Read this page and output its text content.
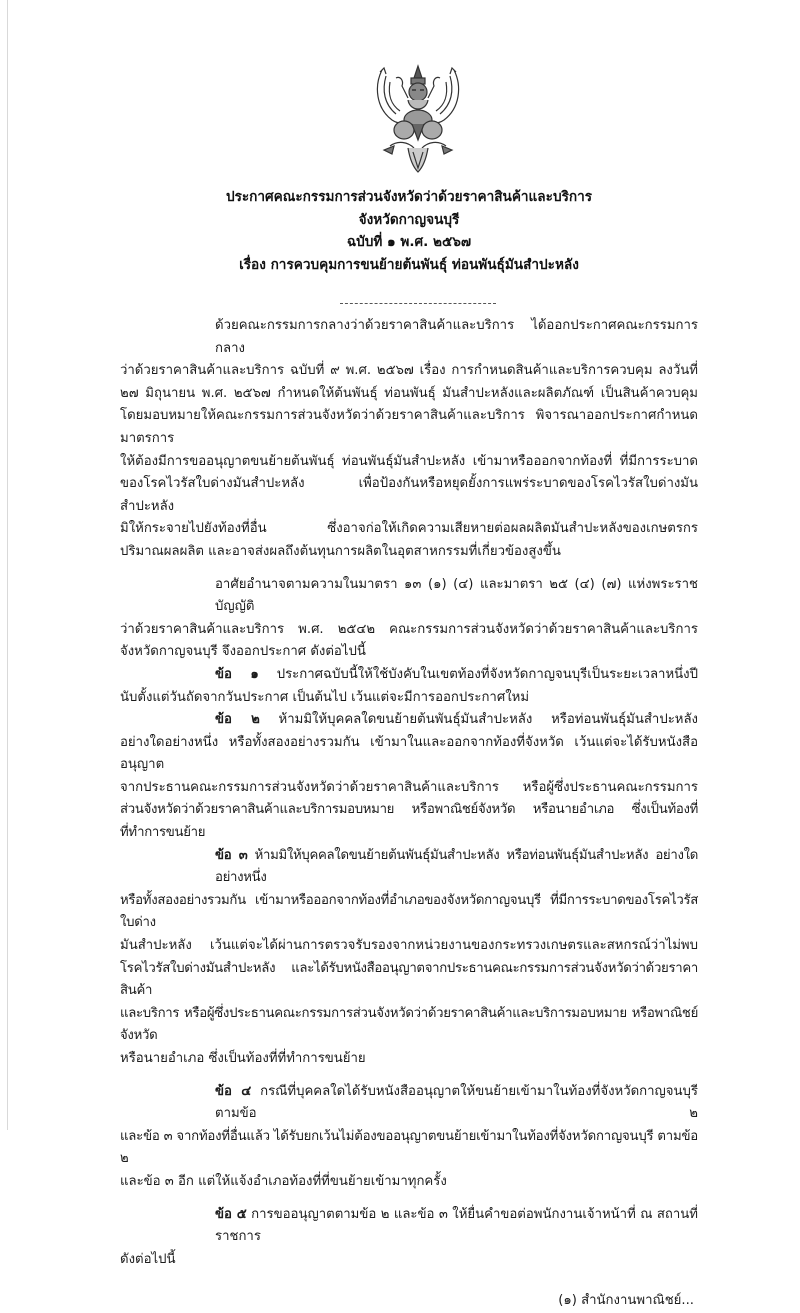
ประกาศคณะกรรมการส่วนจังหวัดว่าด้วยราคาสินค้าและบริการ
จังหวัดกาญจนบุรี
ฉบับที่ ๑ พ.ศ. ๒๕๖๗
เรื่อง การควบคุมการขนย้ายต้นพันธุ์ ท่อนพันธุ์มันสำปะหลัง
ด้วยคณะกรรมการกลางว่าด้วยราคาสินค้าและบริการ ได้ออกประกาศคณะกรรมการกลาง
ว่าด้วยราคาสินค้าและบริการ ฉบับที่ ๙ พ.ศ. ๒๕๖๗ เรื่อง การกำหนดสินค้าและบริการควบคุม ลงวันที่
๒๗ มิถุนายน พ.ศ. ๒๕๖๗ กำหนดให้ต้นพันธุ์ ท่อนพันธุ์ มันสำปะหลังและผลิตภัณฑ์ เป็นสินค้าควบคุม
โดยมอบหมายให้คณะกรรมการส่วนจังหวัดว่าด้วยราคาสินค้าและบริการ พิจารณาออกประกาศกำหนดมาตรการ
ให้ต้องมีการขออนุญาตขนย้ายต้นพันธุ์ ท่อนพันธุ์มันสำปะหลัง เข้ามาหรือออกจากท้องที่ ที่มีการระบาด
ของโรคไวรัสใบด่างมันสำปะหลัง เพื่อป้องกันหรือหยุดยั้งการแพร่ระบาดของโรคไวรัสใบด่างมันสำปะหลัง
มิให้กระจายไปยังท้องที่อื่น ซึ่งอาจก่อให้เกิดความเสียหายต่อผลผลิตมันสำปะหลังของเกษตรกร
ปริมาณผลผลิต และอาจส่งผลถึงต้นทุนการผลิตในอุตสาหกรรมที่เกี่ยวข้องสูงขึ้น
อาศัยอำนาจตามความในมาตรา ๑๓ (๑) (๔) และมาตรา ๒๕ (๔) (๗) แห่งพระราชบัญญัติ
ว่าด้วยราคาสินค้าและบริการ พ.ศ. ๒๕๔๒ คณะกรรมการส่วนจังหวัดว่าด้วยราคาสินค้าและบริการ
จังหวัดกาญจนบุรี จึงออกประกาศ ดังต่อไปนี้
ข้อ ๑ ประกาศฉบับนี้ให้ใช้บังคับในเขตท้องที่จังหวัดกาญจนบุรีเป็นระยะเวลาหนึ่งปี
นับตั้งแต่วันถัดจากวันประกาศ เป็นต้นไป เว้นแต่จะมีการออกประกาศใหม่
ข้อ ๒ ห้ามมิให้บุคคลใดขนย้ายต้นพันธุ์มันสำปะหลัง หรือท่อนพันธุ์มันสำปะหลัง
อย่างใดอย่างหนึ่ง หรือทั้งสองอย่างรวมกัน เข้ามาในและออกจากท้องที่จังหวัด เว้นแต่จะได้รับหนังสืออนุญาต
จากประธานคณะกรรมการส่วนจังหวัดว่าด้วยราคาสินค้าและบริการ หรือผู้ซึ่งประธานคณะกรรมการ
ส่วนจังหวัดว่าด้วยราคาสินค้าและบริการมอบหมาย หรือพาณิชย์จังหวัด หรือนายอำเภอ ซึ่งเป็นท้องที่ที่ทำการขนย้าย
ข้อ ๓ ห้ามมิให้บุคคลใดขนย้ายต้นพันธุ์มันสำปะหลัง หรือท่อนพันธุ์มันสำปะหลัง อย่างใดอย่างหนึ่ง
หรือทั้งสองอย่างรวมกัน เข้ามาหรือออกจากท้องที่อำเภอของจังหวัดกาญจนบุรี ที่มีการระบาดของโรคไวรัสใบด่าง
มันสำปะหลัง เว้นแต่จะได้ผ่านการตรวจรับรองจากหน่วยงานของกระทรวงเกษตรและสหกรณ์ว่าไม่พบ
โรคไวรัสใบด่างมันสำปะหลัง และได้รับหนังสืออนุญาตจากประธานคณะกรรมการส่วนจังหวัดว่าด้วยราคาสินค้า
และบริการ หรือผู้ซึ่งประธานคณะกรรมการส่วนจังหวัดว่าด้วยราคาสินค้าและบริการมอบหมาย หรือพาณิชย์จังหวัด
หรือนายอำเภอ ซึ่งเป็นท้องที่ที่ทำการขนย้าย
ข้อ ๔ กรณีที่บุคคลใดได้รับหนังสืออนุญาตให้ขนย้ายเข้ามาในท้องที่จังหวัดกาญจนบุรีตามข้อ ๒
และข้อ ๓ จากท้องที่อื่นแล้ว ได้รับยกเว้นไม่ต้องขออนุญาตขนย้ายเข้ามาในท้องที่จังหวัดกาญจนบุรี ตามข้อ ๒
และข้อ ๓ อีก แต่ให้แจ้งอำเภอท้องที่ที่ขนย้ายเข้ามาทุกครั้ง
ข้อ ๕ การขออนุญาตตามข้อ ๒ และข้อ ๓ ให้ยื่นคำขอต่อพนักงานเจ้าหน้าที่ ณ สถานที่ราชการ
ดังต่อไปนี้
(๑) สำนักงานพาณิชย์...
